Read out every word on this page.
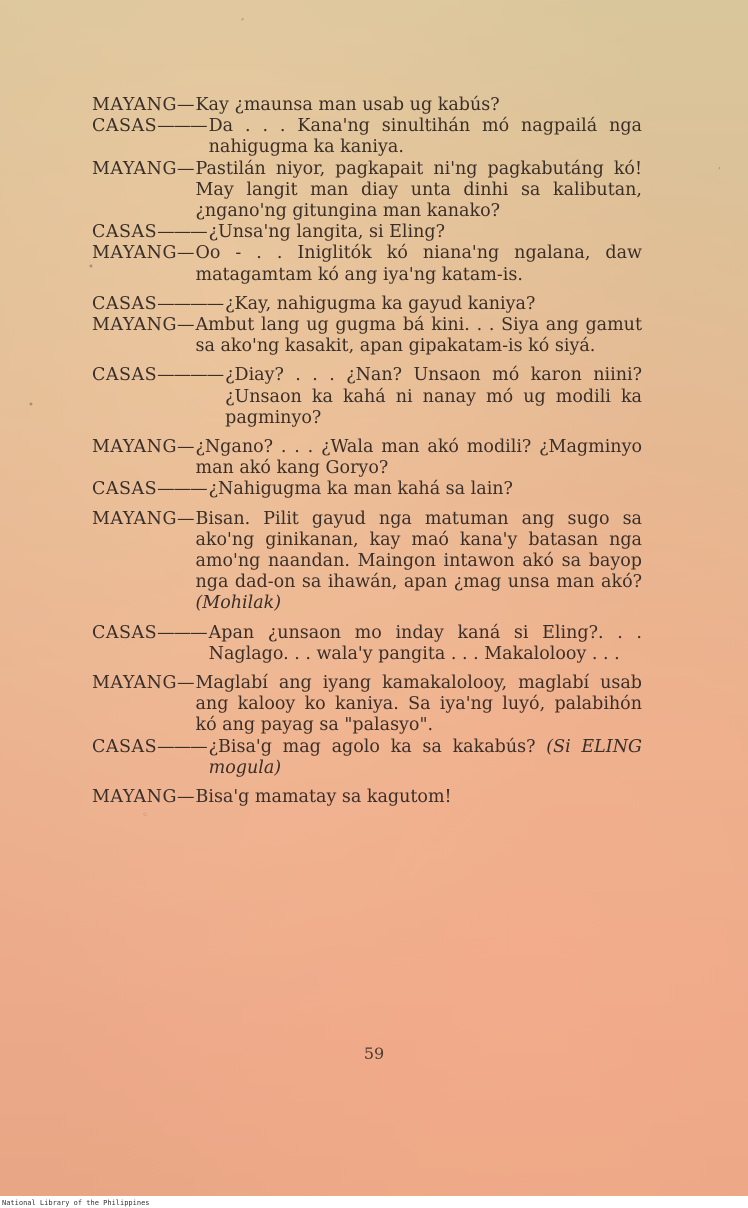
˃
,
•
•
◦
MAYANG— Kay ¿maunsa man usab ug kabús?
CASAS——— Da . . . Kana'ng sinultihán mó nagpailá nga nahigugma ka kaniya.
MAYANG— Pastilán niyor, pagkapait ni'ng pagkabutáng kó! May langit man diay unta dinhi sa kalibutan, ¿ngano'ng gitungina man kanako?
CASAS——— ¿Unsa'ng langita, si Eling?
MAYANG— Oo - . . Iniglitók kó niana'ng ngalana, daw matagamtam kó ang iya'ng katam-is.
CASAS———— ¿Kay, nahigugma ka gayud kaniya?
MAYANG— Ambut lang ug gugma bá kini. . . Siya ang gamut sa ako'ng kasakit, apan gipakatam-is kó siyá.
CASAS———— ¿Diay? . . . ¿Nan? Unsaon mó karon niini? ¿Unsaon ka kahá ni nanay mó ug modili ka pagminyo?
MAYANG— ¿Ngano? . . . ¿Wala man akó modili? ¿Magminyo man akó kang Goryo?
CASAS——— ¿Nahigugma ka man kahá sa lain?
MAYANG— Bisan. Pilit gayud nga matuman ang sugo sa ako'ng ginikanan, kay maó kana'y batasan nga amo'ng naandan. Maingon intawon akó sa bayop nga dad-on sa ihawán, apan ¿mag unsa man akó? (Mohilak)
CASAS——— Apan ¿unsaon mo inday kaná si Eling?. . . Naglago. . . wala'y pangita . . . Makalolooy . . .
MAYANG— Maglabí ang iyang kamakalolooy, maglabí usab ang kalooy ko kaniya. Sa iya'ng luyó, palabihón kó ang payag sa "palasyo".
CASAS——— ¿Bisa'g mag agolo ka sa kakabús? (Si ELING mogula)
MAYANG— Bisa'g mamatay sa kagutom!
59
National Library of the Philippines
